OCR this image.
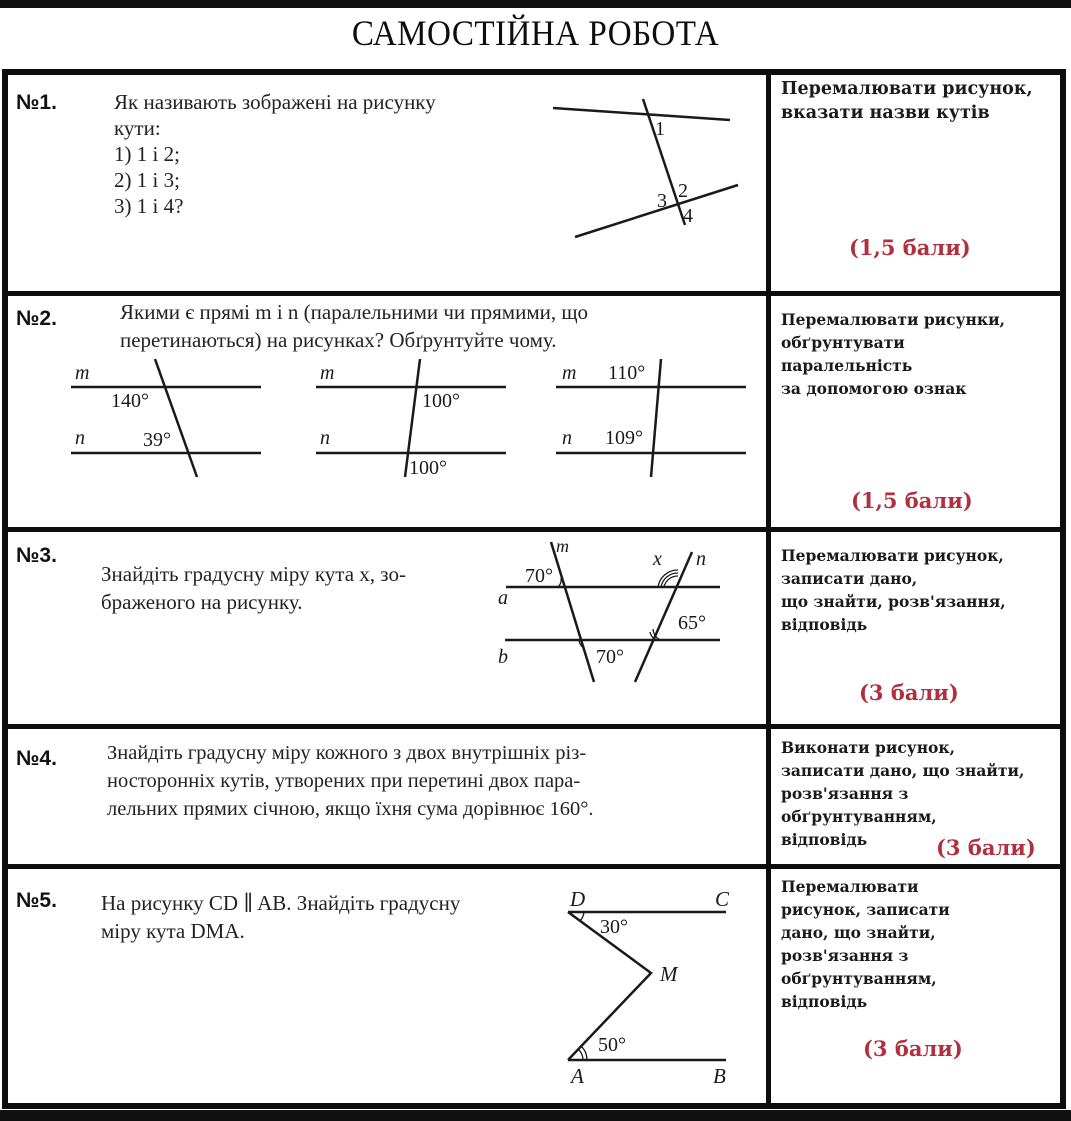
САМОСТІЙНА РОБОТА
№1.	Як називають зображені на рисунку
кути:
1) 1 і 2;
2) 1 і 3;
3) 1 і 4?
1
2
3
4
Перемалювати рисунок,
вказати назви кутів
(1,5 бали)
№2.	Якими є прямі m і n (паралельними чи прямими, що
перетинаються) на рисунках? Обґрунтуйте чому.
m
n
140°
39°
m
n
100°
100°
m
n
110°
109°
Перемалювати рисунки,
обґрунтувати
паралельність
за допомогою ознак
(1,5 бали)
№3.
Знайдіть градусну міру кута x, зо-
браженого на рисунку.
m
n
a
b
x
70°
70°
65°
Перемалювати рисунок,
записати дано,
що знайти, розв'язання,
відповідь
(3 бали)
№4. Знайдіть градусну міру кожного з двох внутрішніх різ-
носторонніх кутів, утворених при перетині двох пара-
лельних прямих січною, якщо їхня сума дорівнює 160°.
Виконати рисунок,
записати дано, що знайти,
розв'язання з
обґрунтуванням,
відповідь	(3 бали)
№5. На рисунку CD ∥ AB. Знайдіть градусну
міру кута DMA.
D	C
M
A	B
30°
50°
Перемалювати
рисунок, записати
дано, що знайти,
розв'язання з
обґрунтуванням,
відповідь
(3 бали)
